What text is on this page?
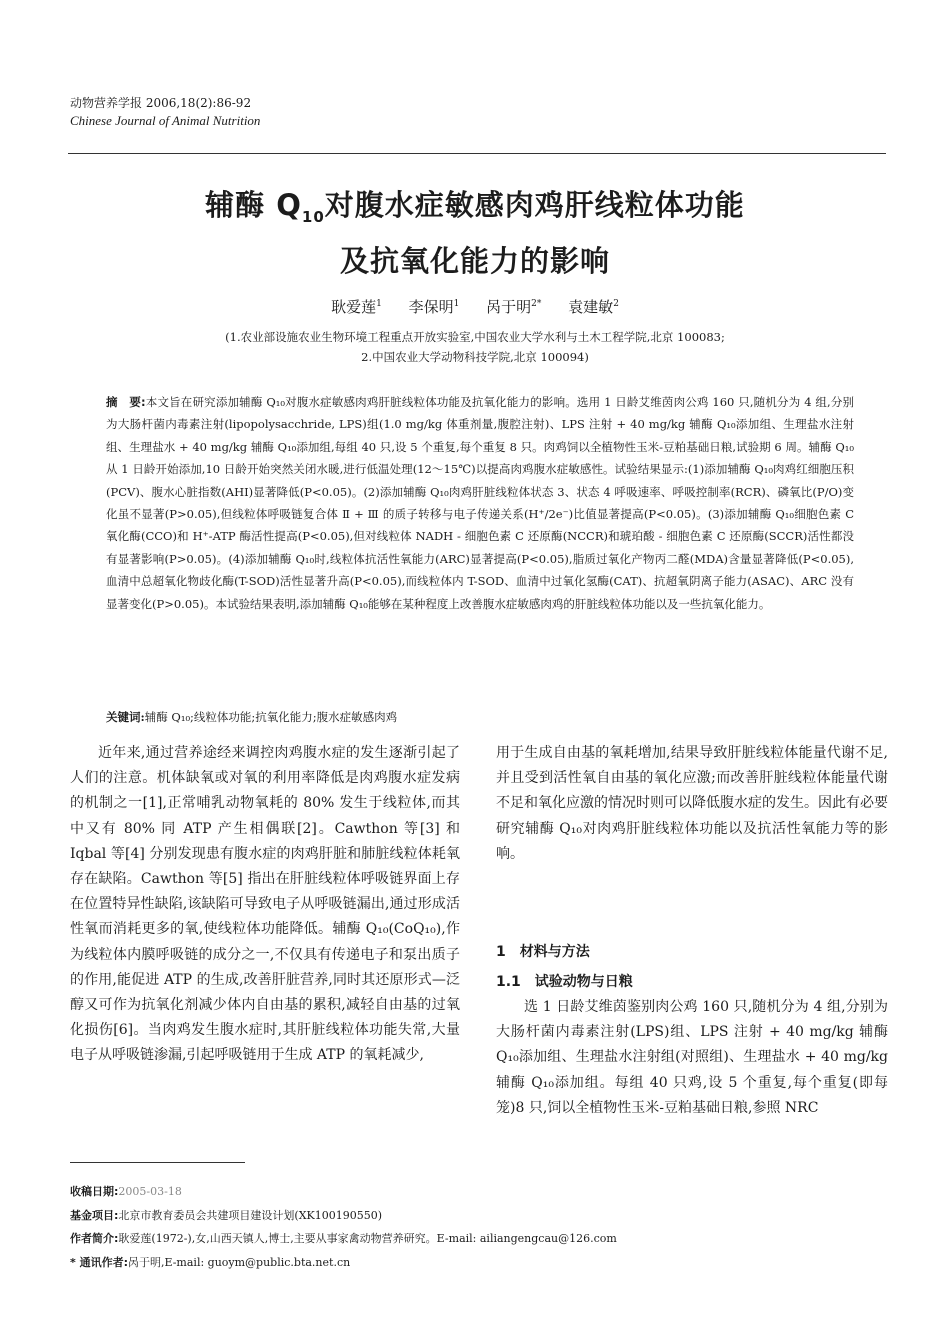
动物营养学报 2006,18(2):86-92
Chinese Journal of Animal Nutrition
辅酶 $Q_{10}$对腹水症敏感肉鸡肝线粒体功能
及抗氧化能力的影响
耿爱莲$^1$ 李保明$^1$ 呙于明$^{2*}$ 袁建敏$^2$
(1.农业部设施农业生物环境工程重点开放实验室,中国农业大学水利与土木工程学院,北京 100083;
2.中国农业大学动物科技学院,北京 100094)
摘　要:本文旨在研究添加辅酶 Q₁₀对腹水症敏感肉鸡肝脏线粒体功能及抗氧化能力的影响。选用 1 日龄艾维茵肉公鸡 160 只,随机分为 4 组,分别为大肠杆菌内毒素注射(lipopolysacchride, LPS)组(1.0 mg/kg 体重剂量,腹腔注射)、LPS 注射 + 40 mg/kg 辅酶 Q₁₀添加组、生理盐水注射组、生理盐水 + 40 mg/kg 辅酶 Q₁₀添加组,每组 40 只,设 5 个重复,每个重复 8 只。肉鸡饲以全植物性玉米-豆粕基础日粮,试验期 6 周。辅酶 Q₁₀从 1 日龄开始添加,10 日龄开始突然关闭水暖,进行低温处理(12～15℃)以提高肉鸡腹水症敏感性。试验结果显示:(1)添加辅酶 Q₁₀肉鸡红细胞压积(PCV)、腹水心脏指数(AHI)显著降低(P<0.05)。(2)添加辅酶 Q₁₀肉鸡肝脏线粒体状态 3、状态 4 呼吸速率、呼吸控制率(RCR)、磷氧比(P/O)变化虽不显著(P>0.05),但线粒体呼吸链复合体 Ⅱ + Ⅲ 的质子转移与电子传递关系(H⁺/2e⁻)比值显著提高(P<0.05)。(3)添加辅酶 Q₁₀细胞色素 C 氧化酶(CCO)和 H⁺-ATP 酶活性提高(P<0.05),但对线粒体 NADH - 细胞色素 C 还原酶(NCCR)和琥珀酸 - 细胞色素 C 还原酶(SCCR)活性都没有显著影响(P>0.05)。(4)添加辅酶 Q₁₀时,线粒体抗活性氧能力(ARC)显著提高(P<0.05),脂质过氧化产物丙二醛(MDA)含量显著降低(P<0.05),血清中总超氧化物歧化酶(T-SOD)活性显著升高(P<0.05),而线粒体内 T-SOD、血清中过氧化氢酶(CAT)、抗超氧阴离子能力(ASAC)、ARC 没有显著变化(P>0.05)。本试验结果表明,添加辅酶 Q₁₀能够在某种程度上改善腹水症敏感肉鸡的肝脏线粒体功能以及一些抗氧化能力。
关键词:辅酶 Q₁₀;线粒体功能;抗氧化能力;腹水症敏感肉鸡

近年来,通过营养途经来调控肉鸡腹水症的发生逐渐引起了人们的注意。机体缺氧或对氧的利用率降低是肉鸡腹水症发病的机制之一[1],正常哺乳动物氧耗的 80% 发生于线粒体,而其中又有 80% 同 ATP 产生相偶联[2]。Cawthon 等[3] 和 Iqbal 等[4] 分别发现患有腹水症的肉鸡肝脏和肺脏线粒体耗氧存在缺陷。Cawthon 等[5] 指出在肝脏线粒体呼吸链界面上存在位置特异性缺陷,该缺陷可导致电子从呼吸链漏出,通过形成活性氧而消耗更多的氧,使线粒体功能降低。辅酶 Q₁₀(CoQ₁₀),作为线粒体内膜呼吸链的成分之一,不仅具有传递电子和泵出质子的作用,能促进 ATP 的生成,改善肝脏营养,同时其还原形式—泛醇又可作为抗氧化剂减少体内自由基的累积,减轻自由基的过氧化损伤[6]。当肉鸡发生腹水症时,其肝脏线粒体功能失常,大量电子从呼吸链渗漏,引起呼吸链用于生成 ATP 的氧耗减少,

用于生成自由基的氧耗增加,结果导致肝脏线粒体能量代谢不足,并且受到活性氧自由基的氧化应激;而改善肝脏线粒体能量代谢不足和氧化应激的情况时则可以降低腹水症的发生。因此有必要研究辅酶 Q₁₀对肉鸡肝脏线粒体功能以及抗活性氧能力等的影响。

1　材料与方法
1.1　试验动物与日粮

选 1 日龄艾维茵鉴别肉公鸡 160 只,随机分为 4 组,分别为大肠杆菌内毒素注射(LPS)组、LPS 注射 + 40 mg/kg 辅酶 Q₁₀添加组、生理盐水注射组(对照组)、生理盐水 + 40 mg/kg 辅酶 Q₁₀添加组。每组 40 只鸡,设 5 个重复,每个重复(即每笼)8 只,饲以全植物性玉米-豆粕基础日粮,参照 NRC

收稿日期:2005-03-18
基金项目:北京市教育委员会共建项目建设计划(XK100190550)
作者简介:耿爱莲(1972-),女,山西天镇人,博士,主要从事家禽动物营养研究。E-mail: ailiangengcau@126.com
* 通讯作者:呙于明,E-mail: guoym@public.bta.net.cn
